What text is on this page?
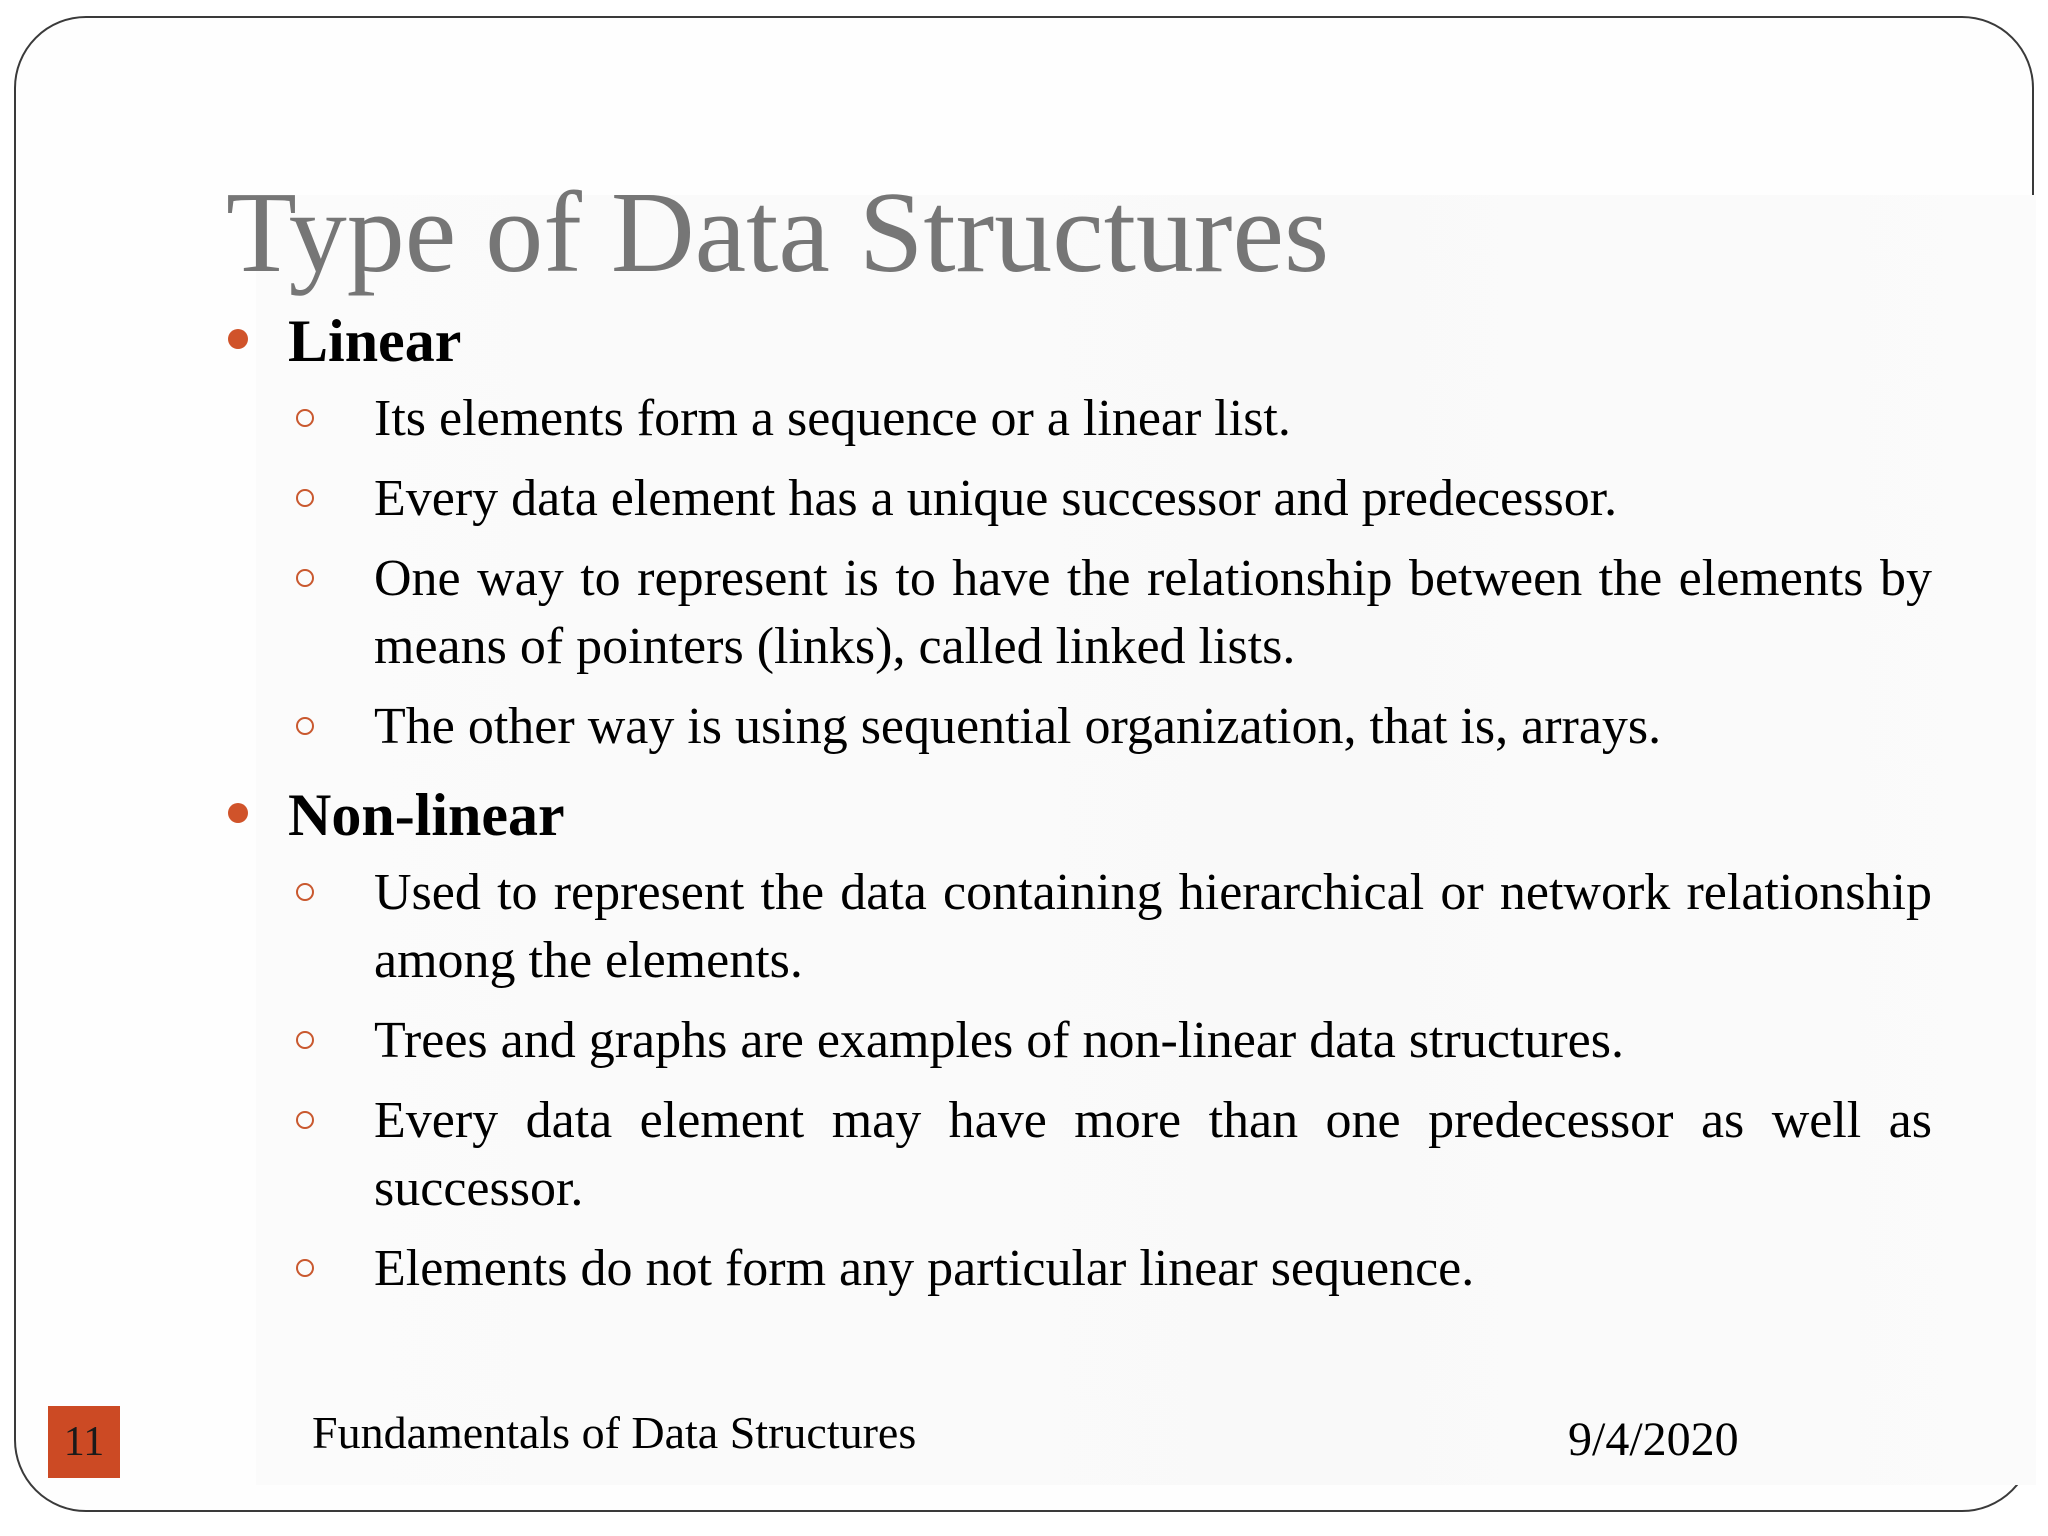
Type of Data Structures
Linear
Its elements form a sequence or a linear list.
Every data element has a unique successor and predecessor.
One way to represent is to have the relationship between the elements by means of pointers (links), called linked lists.
The other way is using sequential organization, that is, arrays.
Non-linear
Used to represent the data containing hierarchical or network relationship among the elements.
Trees and graphs are examples of non-linear data structures.
Every data element may have more than one predecessor as well as successor.
Elements do not form any particular linear sequence.
11	Fundamentals of Data Structures	9/4/2020
